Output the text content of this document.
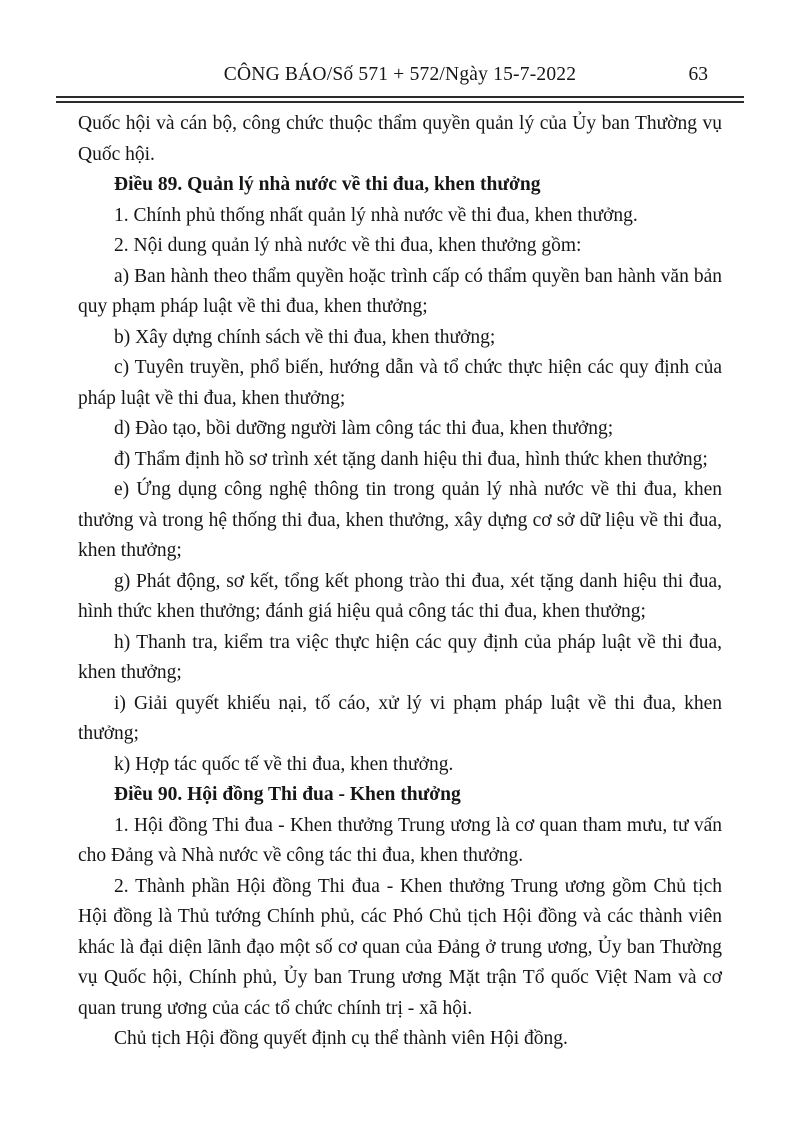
CÔNG BÁO/Số 571 + 572/Ngày 15-7-2022	63

Quốc hội và cán bộ, công chức thuộc thẩm quyền quản lý của Ủy ban Thường vụ Quốc hội.

Điều 89. Quản lý nhà nước về thi đua, khen thưởng

1. Chính phủ thống nhất quản lý nhà nước về thi đua, khen thưởng.

2. Nội dung quản lý nhà nước về thi đua, khen thưởng gồm:

a) Ban hành theo thẩm quyền hoặc trình cấp có thẩm quyền ban hành văn bản quy phạm pháp luật về thi đua, khen thưởng;

b) Xây dựng chính sách về thi đua, khen thưởng;

c) Tuyên truyền, phổ biến, hướng dẫn và tổ chức thực hiện các quy định của pháp luật về thi đua, khen thưởng;

d) Đào tạo, bồi dưỡng người làm công tác thi đua, khen thưởng;

đ) Thẩm định hồ sơ trình xét tặng danh hiệu thi đua, hình thức khen thưởng;

e) Ứng dụng công nghệ thông tin trong quản lý nhà nước về thi đua, khen thưởng và trong hệ thống thi đua, khen thưởng, xây dựng cơ sở dữ liệu về thi đua, khen thưởng;

g) Phát động, sơ kết, tổng kết phong trào thi đua, xét tặng danh hiệu thi đua, hình thức khen thưởng; đánh giá hiệu quả công tác thi đua, khen thưởng;

h) Thanh tra, kiểm tra việc thực hiện các quy định của pháp luật về thi đua, khen thưởng;

i) Giải quyết khiếu nại, tố cáo, xử lý vi phạm pháp luật về thi đua, khen thưởng;

k) Hợp tác quốc tế về thi đua, khen thưởng.

Điều 90. Hội đồng Thi đua - Khen thưởng

1. Hội đồng Thi đua - Khen thưởng Trung ương là cơ quan tham mưu, tư vấn cho Đảng và Nhà nước về công tác thi đua, khen thưởng.

2. Thành phần Hội đồng Thi đua - Khen thưởng Trung ương gồm Chủ tịch Hội đồng là Thủ tướng Chính phủ, các Phó Chủ tịch Hội đồng và các thành viên khác là đại diện lãnh đạo một số cơ quan của Đảng ở trung ương, Ủy ban Thường vụ Quốc hội, Chính phủ, Ủy ban Trung ương Mặt trận Tổ quốc Việt Nam và cơ quan trung ương của các tổ chức chính trị - xã hội.

Chủ tịch Hội đồng quyết định cụ thể thành viên Hội đồng.
